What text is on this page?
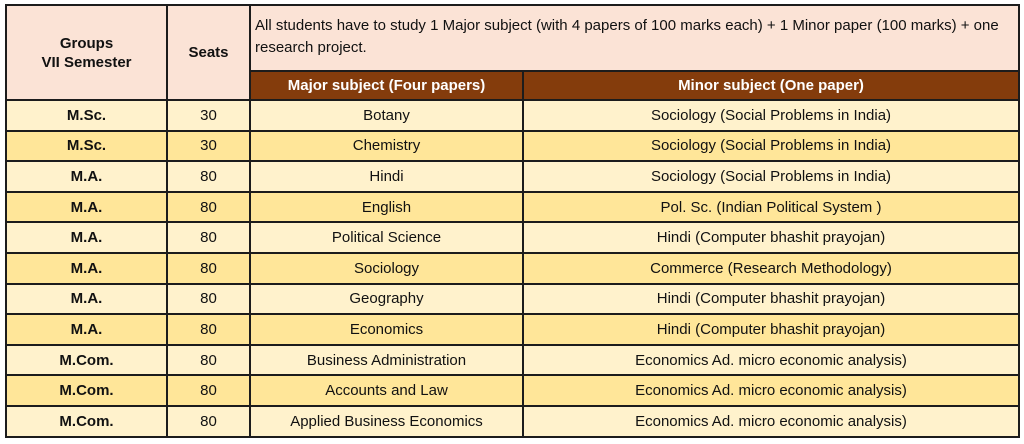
Groups
VII Semester	Seats	All students have to study 1 Major subject (with 4 papers of 100 marks each) + 1 Minor paper (100 marks) + one research project.	
		Major subject (Four papers)	Minor subject (One paper)
M.Sc.	30	Botany	Sociology (Social Problems in India)
M.Sc.	30	Chemistry	Sociology (Social Problems in India)
M.A.	80	Hindi	Sociology (Social Problems in India)
M.A.	80	English	Pol. Sc. (Indian Political System )
M.A.	80	Political Science	Hindi (Computer bhashit prayojan)
M.A.	80	Sociology	Commerce (Research Methodology)
M.A.	80	Geography	Hindi (Computer bhashit prayojan)
M.A.	80	Economics	Hindi (Computer bhashit prayojan)
M.Com.	80	Business Administration	Economics Ad. micro economic analysis)
M.Com.	80	Accounts and Law	Economics Ad. micro economic analysis)
M.Com.	80	Applied Business Economics	Economics Ad. micro economic analysis)
